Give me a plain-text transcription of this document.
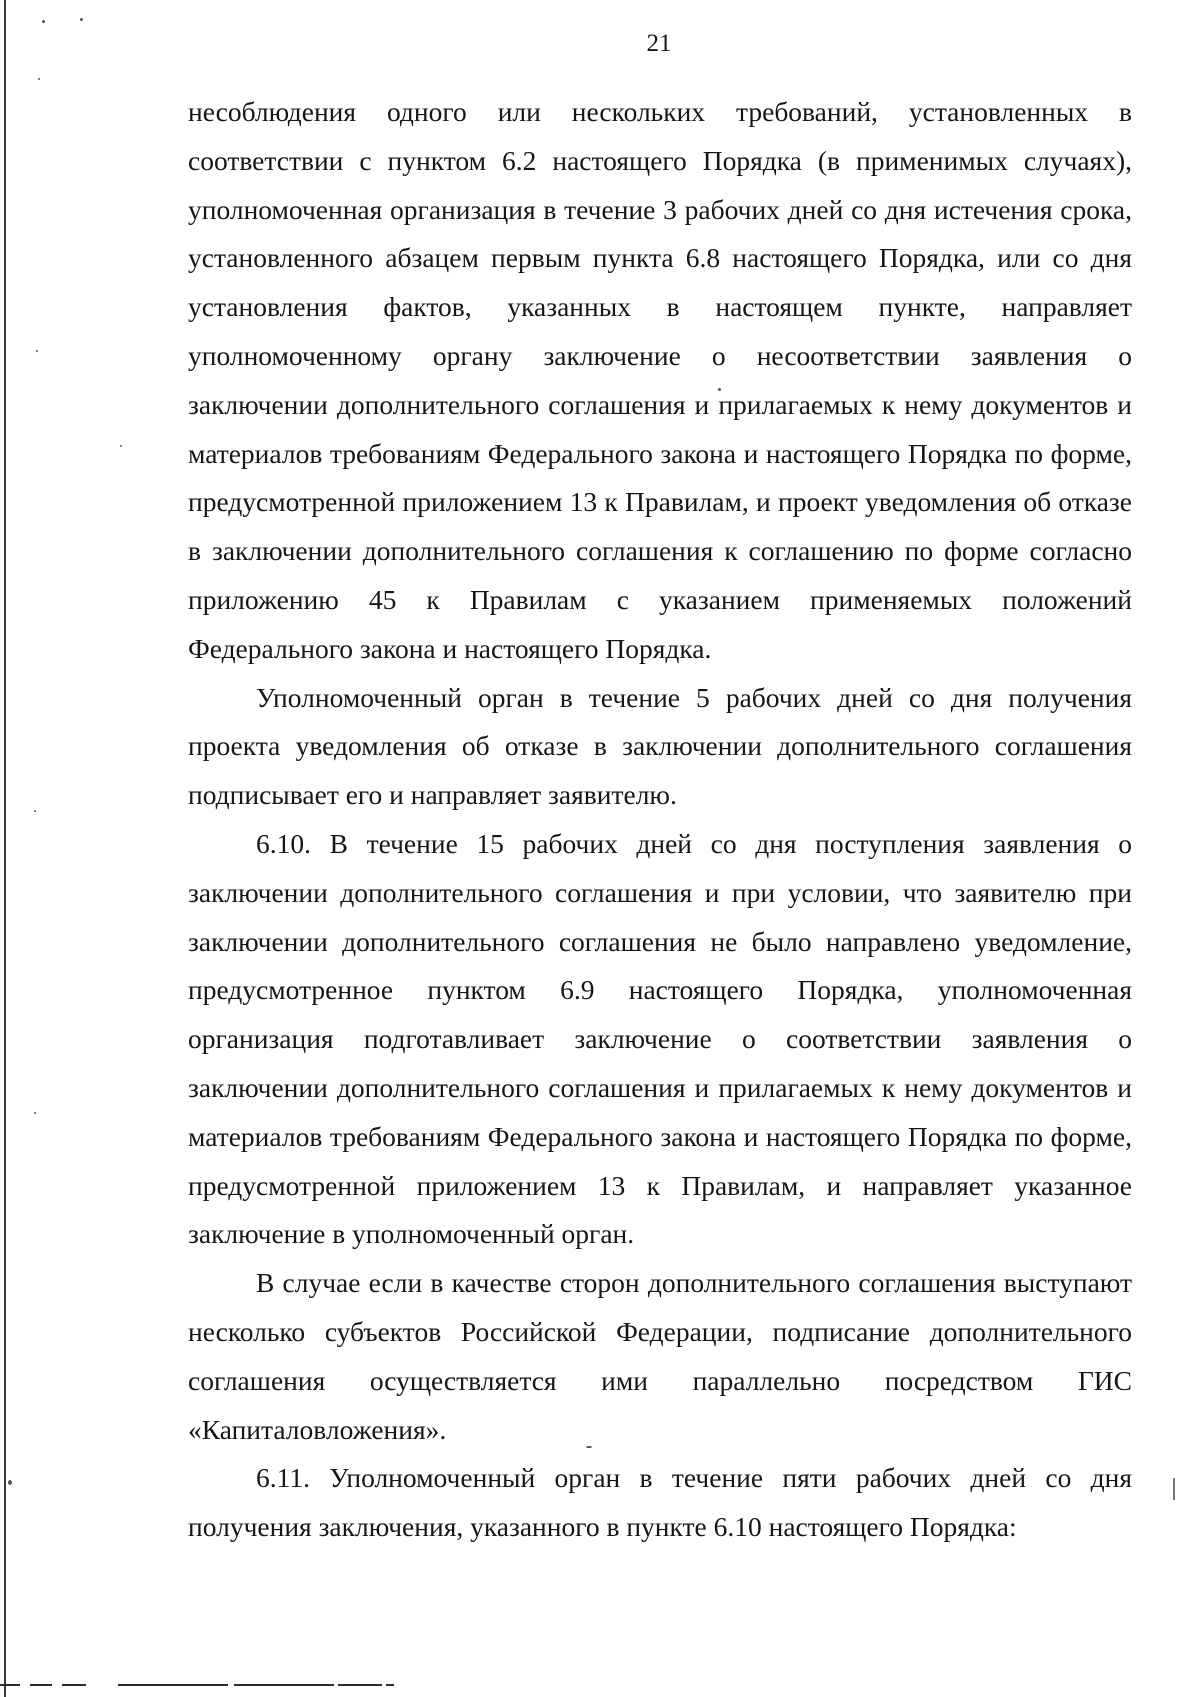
21

несоблюдения одного или нескольких требований, установленных в соответствии с пунктом 6.2 настоящего Порядка (в применимых случаях), уполномоченная организация в течение 3 рабочих дней со дня истечения срока, установленного абзацем первым пункта 6.8 настоящего Порядка, или со дня установления фактов, указанных в настоящем пункте, направляет уполномоченному органу заключение о несоответствии заявления о заключении дополнительного соглашения и прилагаемых к нему документов и материалов требованиям Федерального закона и настоящего Порядка по форме, предусмотренной приложением 13 к Правилам, и проект уведомления об отказе в заключении дополнительного соглашения к соглашению по форме согласно приложению 45 к Правилам с указанием применяемых положений Федерального закона и настоящего Порядка.

Уполномоченный орган в течение 5 рабочих дней со дня получения проекта уведомления об отказе в заключении дополнительного соглашения подписывает его и направляет заявителю.

6.10. В течение 15 рабочих дней со дня поступления заявления о заключении дополнительного соглашения и при условии, что заявителю при заключении дополнительного соглашения не было направлено уведомление, предусмотренное пунктом 6.9 настоящего Порядка, уполномоченная организация подготавливает заключение о соответствии заявления о заключении дополнительного соглашения и прилагаемых к нему документов и материалов требованиям Федерального закона и настоящего Порядка по форме, предусмотренной приложением 13 к Правилам, и направляет указанное заключение в уполномоченный орган.

В случае если в качестве сторон дополнительного соглашения выступают несколько субъектов Российской Федерации, подписание дополнительного соглашения осуществляется ими параллельно посредством ГИС «Капиталовложения».

6.11. Уполномоченный орган в течение пяти рабочих дней со дня получения заключения, указанного в пункте 6.10 настоящего Порядка:
